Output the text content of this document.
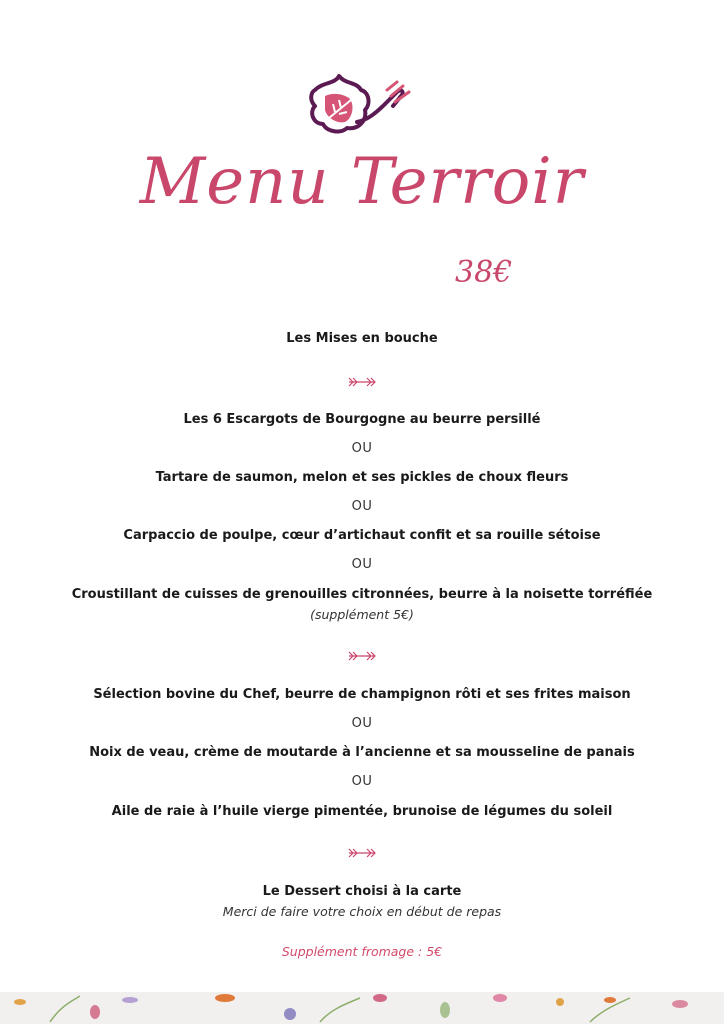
Menu Terroir
38€
Les Mises en bouche
Les 6 Escargots de Bourgogne au beurre persillé
OU
Tartare de saumon, melon et ses pickles de choux fleurs
OU
Carpaccio de poulpe, cœur d’artichaut confit et sa rouille sétoise
OU
Croustillant de cuisses de grenouilles citronnées, beurre à la noisette torréfiée
(supplément 5€)
Sélection bovine du Chef, beurre de champignon rôti et ses frites maison
OU
Noix de veau, crème de moutarde à l’ancienne et sa mousseline de panais
OU
Aile de raie à l’huile vierge pimentée, brunoise de légumes du soleil
Le Dessert choisi à la carte
Merci de faire votre choix en début de repas
Supplément fromage : 5€
